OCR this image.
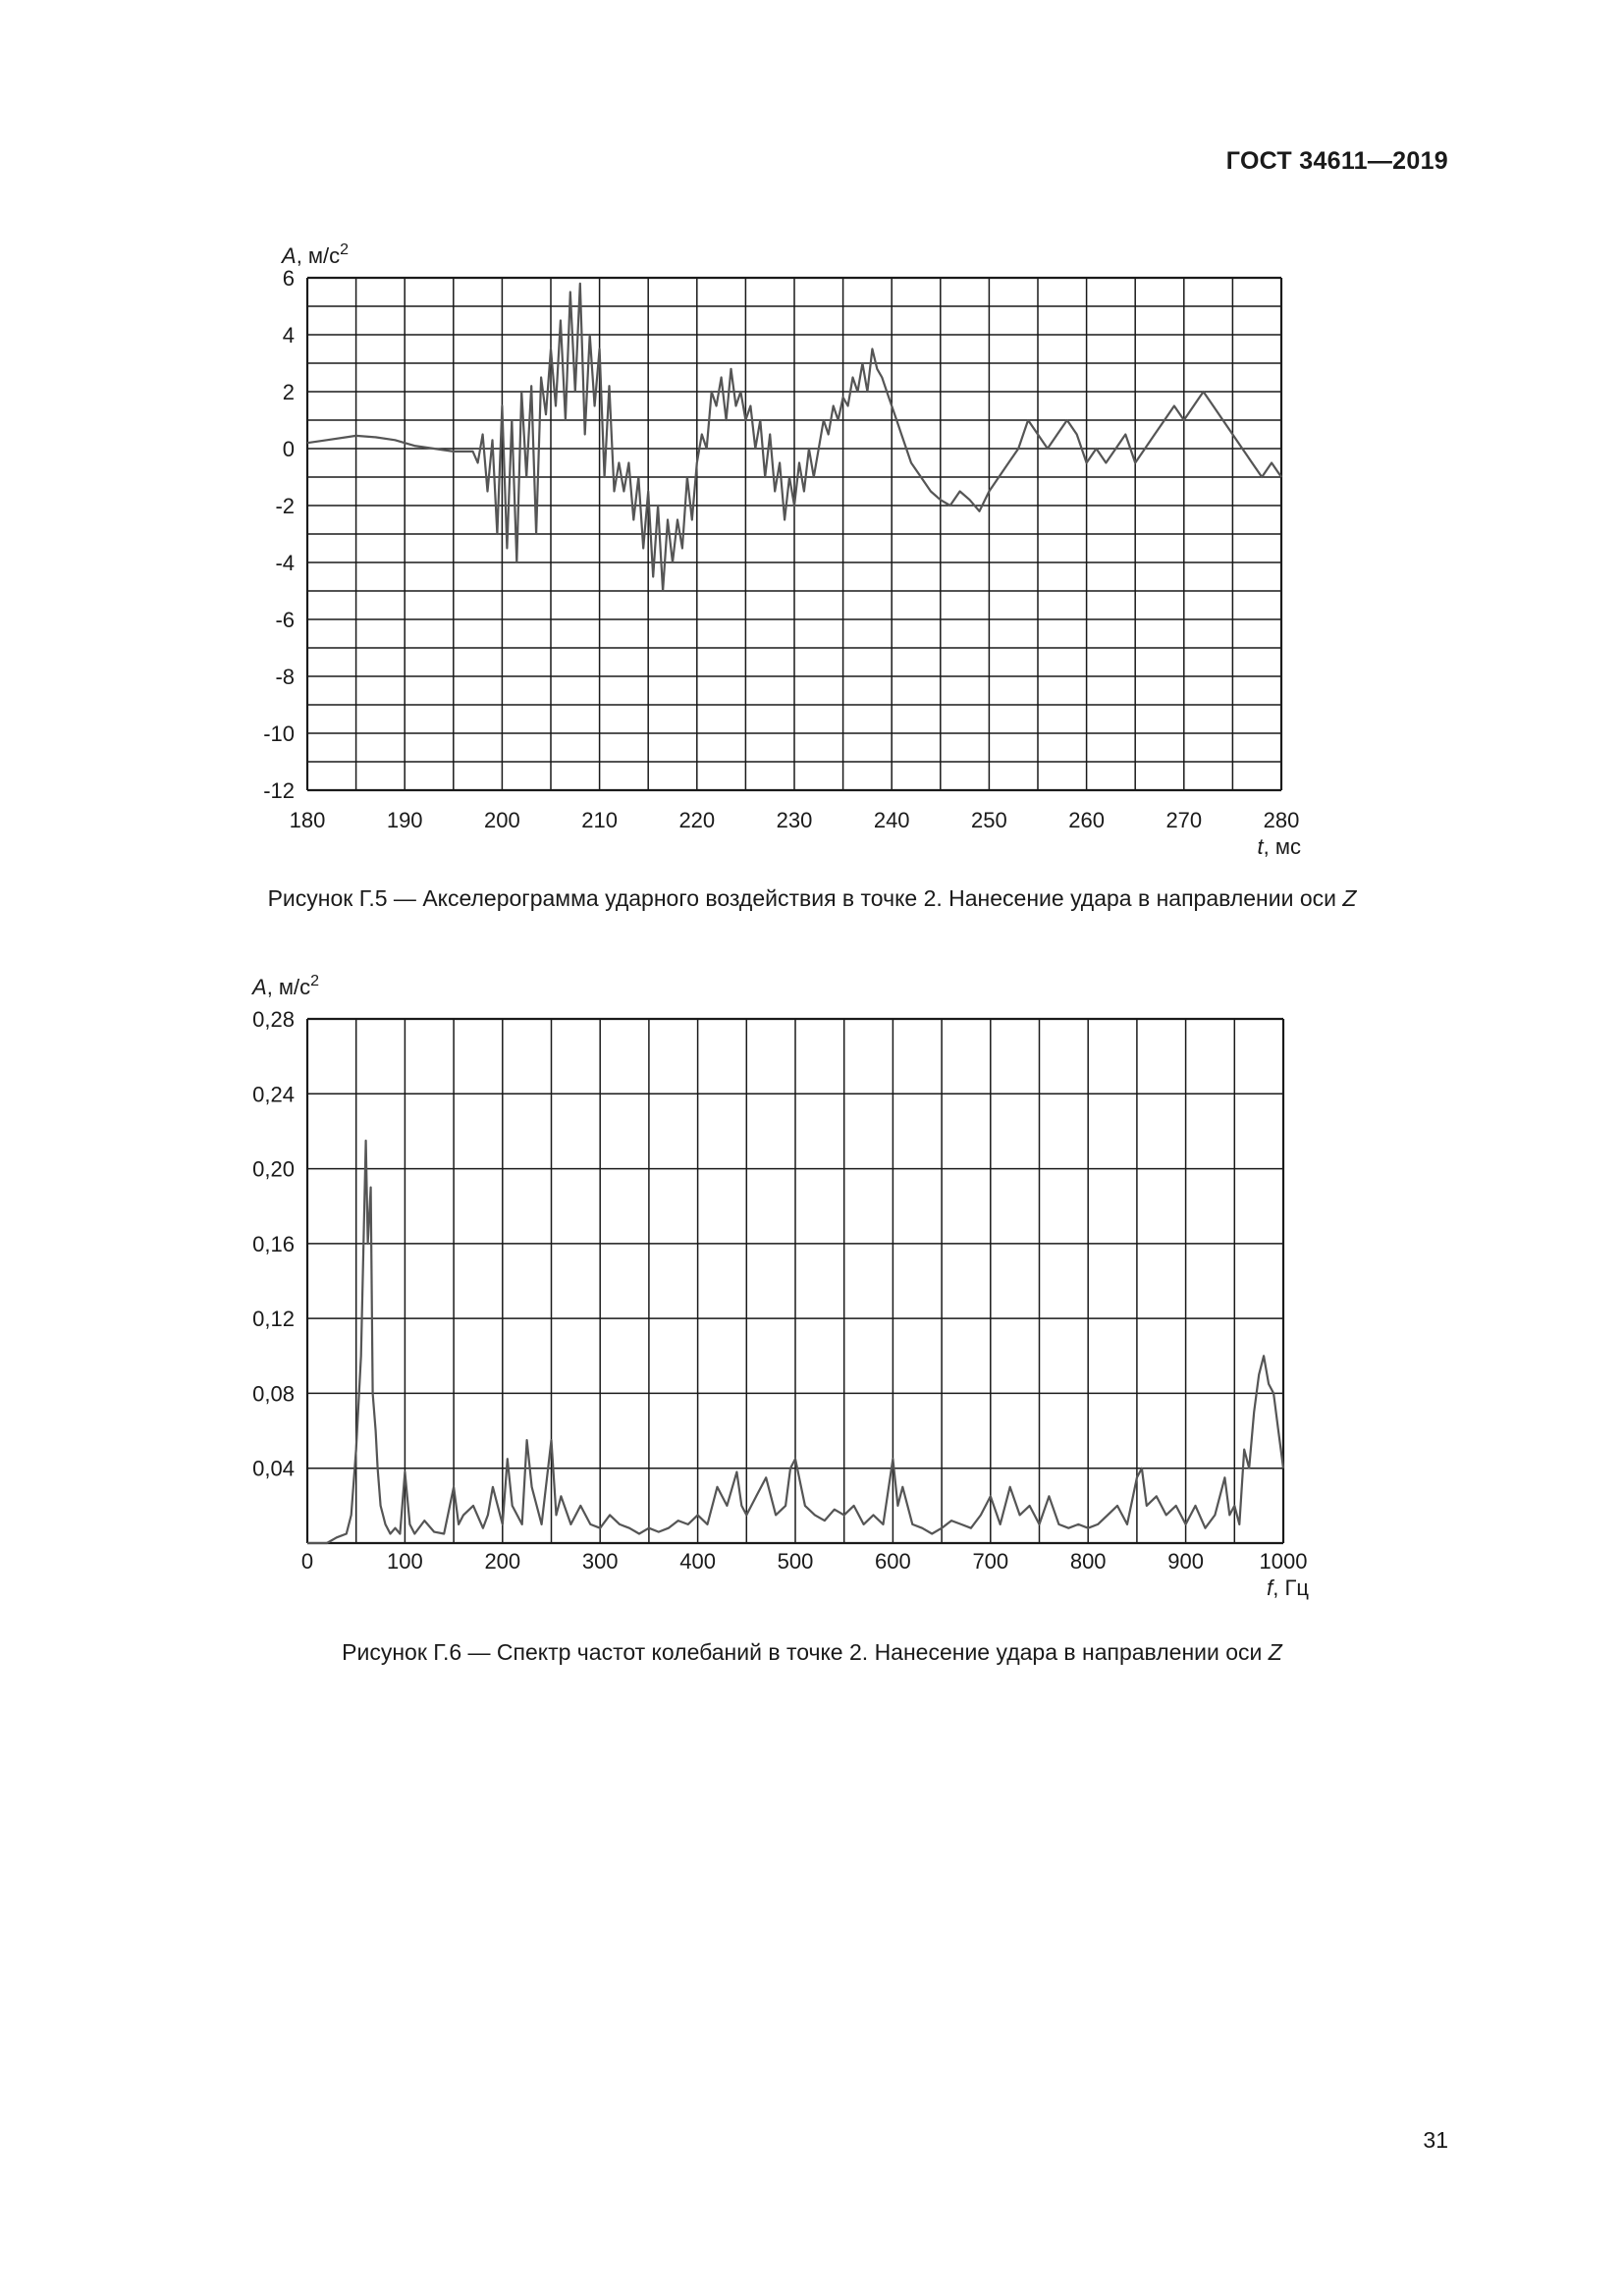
ГОСТ 34611—2019
A, $м/с^2$
6
4
2
0
-2
-4
-6
-8
-10
-12
180	190	200	210	220	230	240	250	260	270	280
t, мс
Рисунок Г.5 — Акселерограмма ударного воздействия в точке 2. Нанесение удара в направлении оси Z
A, $м/с^2$
0,28
0,24
0,20
0,16
0,12
0,08
0,04
0	100	200	300	400	500	600	700	800	900	1000
f, Гц
Рисунок Г.6 — Спектр частот колебаний в точке 2. Нанесение удара в направлении оси Z
31
